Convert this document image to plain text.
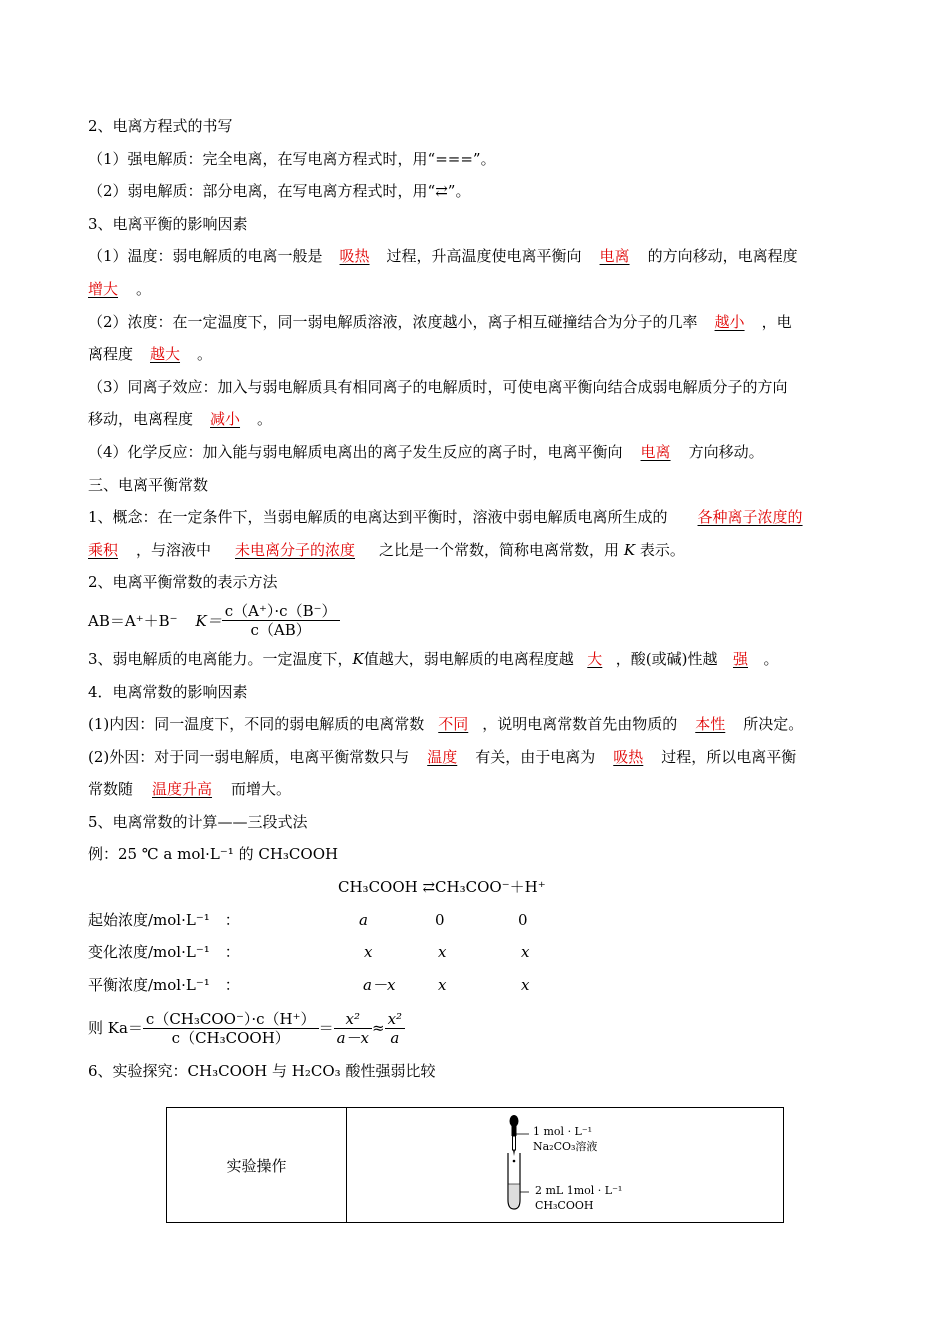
2、电离方程式的书写
（1）强电解质：完全电离，在写电离方程式时，用“===”。
（2）弱电解质：部分电离，在写电离方程式时，用“⇄”。
3、电离平衡的影响因素
（1）温度：弱电解质的电离一般是 吸热 过程，升高温度使电离平衡向 电离 的方向移动，电离程度
增大 。
（2）浓度：在一定温度下，同一弱电解质溶液，浓度越小，离子相互碰撞结合为分子的几率 越小 ，电
离程度 越大 。
（3）同离子效应：加入与弱电解质具有相同离子的电解质时，可使电离平衡向结合成弱电解质分子的方向
移动，电离程度 减小 。
（4）化学反应：加入能与弱电解质电离出的离子发生反应的离子时，电离平衡向 电离 方向移动。
三、电离平衡常数
1、概念：在一定条件下，当弱电解质的电离达到平衡时，溶液中弱电解质电离所生成的 各种离子浓度的
乘积 ，与溶液中 未电离分子的浓度 之比是一个常数，简称电离常数，用 K 表示。
2、电离平衡常数的表示方法
AB＝A⁺＋B⁻ $K= \frac{c(A^+)\cdot c(B^-)}{c(AB)}$
3、弱电解质的电离能力。一定温度下，K值越大，弱电解质的电离程度越 大 ，酸(或碱)性越 强 。
4．电离常数的影响因素
(1)内因：同一温度下，不同的弱电解质的电离常数 不同 ，说明电离常数首先由物质的 本性 所决定。
(2)外因：对于同一弱电解质，电离平衡常数只与 温度 有关，由于电离为 吸热 过程，所以电离平衡
常数随 温度升高 而增大。
5、电离常数的计算——三段式法
例：25 ℃ a mol·L⁻¹ 的 CH₃COOH
CH₃COOH ⇄CH₃COO⁻＋H⁺
起始浓度/mol·L⁻¹　：	a	0	0
变化浓度/mol·L⁻¹　：	x	x	x
平衡浓度/mol·L⁻¹　：	a－x	x	x
则 $Ka= \frac{\text{c（CH₃COO⁻）·c（H⁺）}}{\text{c（CH₃COOH）}} = \frac{\text{x²}}{a-x} \approx \frac{\text{x²}}{a}$
6、实验探究：CH₃COOH 与 H₂CO₃ 酸性强弱比较
实验操作	
1 mol · L⁻¹
Na₂CO₃溶液
2 mL 1mol · L⁻¹
CH₃COOH
